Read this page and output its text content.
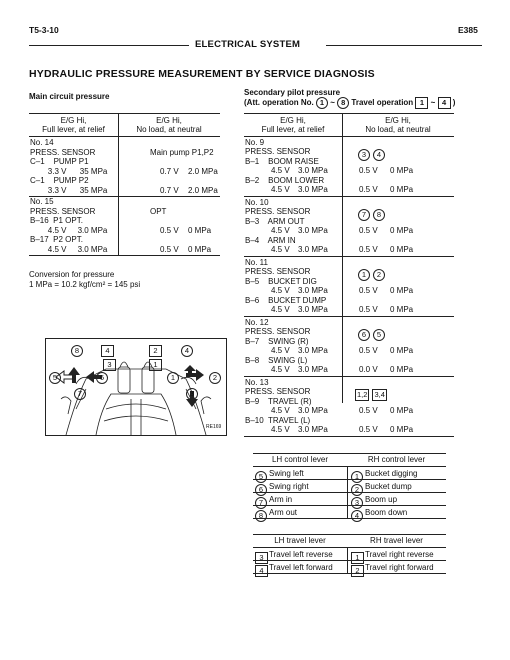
T5-3-10	E385
ELECTRICAL SYSTEM
HYDRAULIC PRESSURE MEASUREMENT BY SERVICE DIAGNOSIS
Main circuit pressure
E/G Hi,
Full lever, at relief
E/G Hi,
No load, at neutral
No. 14
PRESS. SENSOR	Main pump P1,P2
C–1    PUMP P1
3.3 V      35 MPa	0.7 V 2.0 MPa
C–1    PUMP P2
3.3 V      35 MPa	0.7 V 2.0 MPa
No. 15
PRESS. SENSOR	OPT
B–16  P1 OPT.
4.5 V     3.0 MPa	0.5 V 0 MPa
B–17  P2 OPT.
4.5 V     3.0 MPa	0.5 V 0 MPa
Conversion for pressure
1 MPa = 10.2 kgf/cm² = 145 psi
8	4
3
2
1
4
5	6	1	2
7	3
RE169
Secondary pilot pressure
(Att. operation No. 1 ~ 8 Travel operation 1 ~ 4 )
E/G Hi,
Full lever, at relief
E/G Hi,
No load, at neutral
No. 9
PRESS. SENSOR	3 4
B–1    BOOM RAISE
4.5 V 3.0 MPa	0.5 V 0 MPa
B–2    BOOM LOWER
4.5 V 3.0 MPa	0.5 V 0 MPa
No. 10
PRESS. SENSOR	7 8
B–3    ARM OUT
4.5 V 3.0 MPa	0.5 V 0 MPa
B–4    ARM IN
4.5 V 3.0 MPa	0.5 V 0 MPa
No. 11
PRESS. SENSOR	1 2
B–5    BUCKET DIG
4.5 V 3.0 MPa	0.5 V 0 MPa
B–6    BUCKET DUMP
4.5 V 3.0 MPa	0.5 V 0 MPa
No. 12
PRESS. SENSOR	6 5
B–7    SWING (R)
4.5 V 3.0 MPa	0.5 V 0 MPa
B–8    SWING (L)
4.5 V 3.0 MPa	0.0 V 0 MPa
No. 13
PRESS. SENSOR	1,2 3,4
B–9    TRAVEL (R)
4.5 V 3.0 MPa	0.5 V 0 MPa
B–10  TRAVEL (L)
4.5 V 3.0 MPa	0.5 V 0 MPa
LH control lever	RH control lever
5 Swing left	1 Bucket digging
6 Swing right	2 Bucket dump
7 Arm in	3 Boom up
8 Arm out	4 Boom down
LH travel lever	RH travel lever
3 Travel left reverse	1 Travel right reverse
4 Travel left forward	2 Travel right forward
